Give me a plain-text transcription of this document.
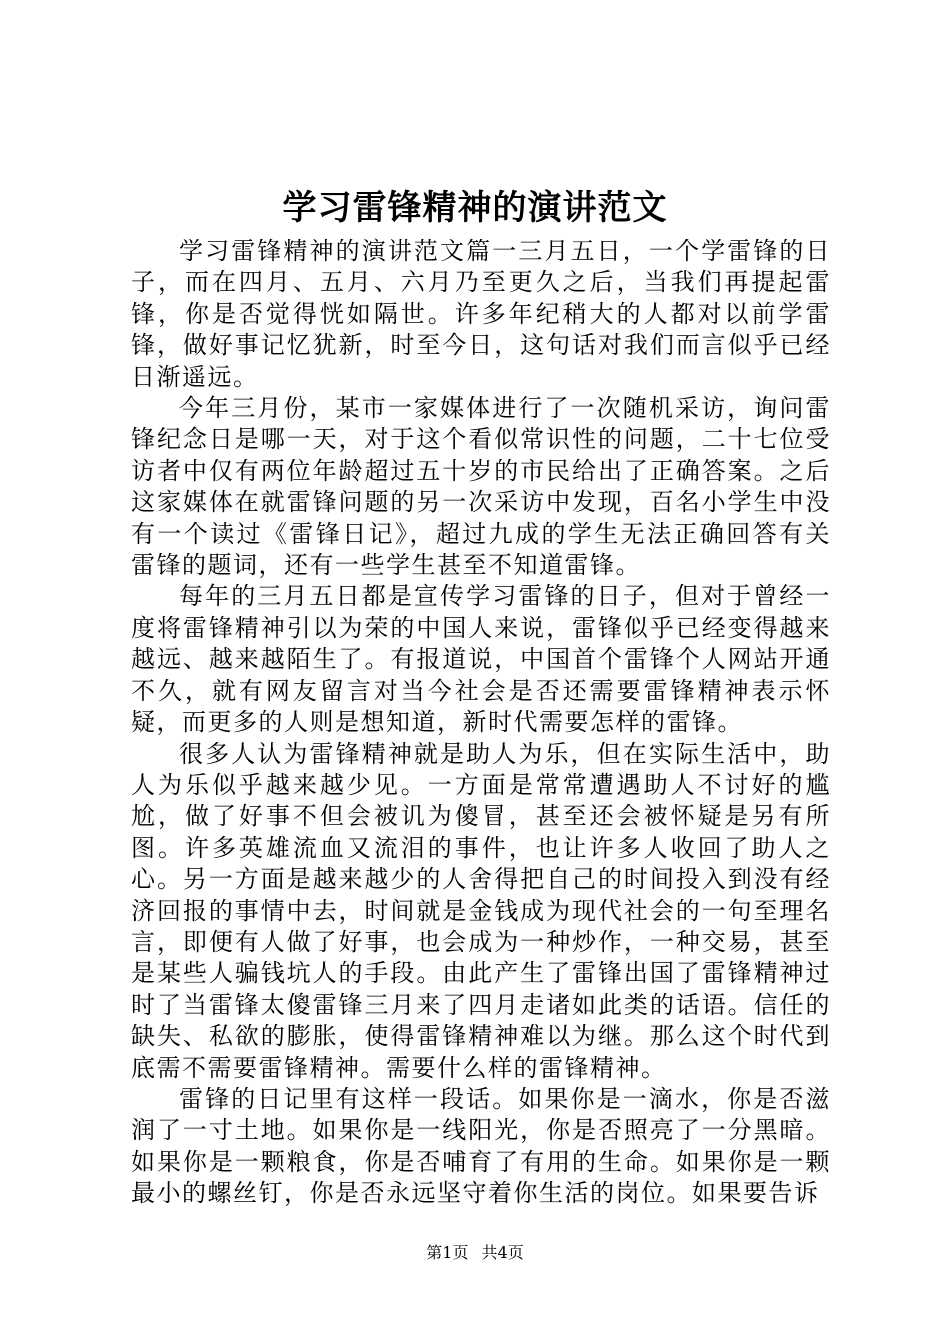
学习雷锋精神的演讲范文

学习雷锋精神的演讲范文篇一三月五日，一个学雷锋的日子，而在四月、五月、六月乃至更久之后，当我们再提起雷锋，你是否觉得恍如隔世。许多年纪稍大的人都对以前学雷锋，做好事记忆犹新，时至今日，这句话对我们而言似乎已经日渐遥远。

今年三月份，某市一家媒体进行了一次随机采访，询问雷锋纪念日是哪一天，对于这个看似常识性的问题，二十七位受访者中仅有两位年龄超过五十岁的市民给出了正确答案。之后这家媒体在就雷锋问题的另一次采访中发现，百名小学生中没有一个读过《雷锋日记》，超过九成的学生无法正确回答有关雷锋的题词，还有一些学生甚至不知道雷锋。

每年的三月五日都是宣传学习雷锋的日子，但对于曾经一度将雷锋精神引以为荣的中国人来说，雷锋似乎已经变得越来越远、越来越陌生了。有报道说，中国首个雷锋个人网站开通不久，就有网友留言对当今社会是否还需要雷锋精神表示怀疑，而更多的人则是想知道，新时代需要怎样的雷锋。

很多人认为雷锋精神就是助人为乐，但在实际生活中，助人为乐似乎越来越少见。一方面是常常遭遇助人不讨好的尴尬，做了好事不但会被讥为傻冒，甚至还会被怀疑是另有所图。许多英雄流血又流泪的事件，也让许多人收回了助人之心。另一方面是越来越少的人舍得把自己的时间投入到没有经济回报的事情中去，时间就是金钱成为现代社会的一句至理名言，即便有人做了好事，也会成为一种炒作，一种交易，甚至是某些人骗钱坑人的手段。由此产生了雷锋出国了雷锋精神过时了当雷锋太傻雷锋三月来了四月走诸如此类的话语。信任的缺失、私欲的膨胀，使得雷锋精神难以为继。那么这个时代到底需不需要雷锋精神。需要什么样的雷锋精神。

雷锋的日记里有这样一段话。如果你是一滴水，你是否滋润了一寸土地。如果你是一线阳光，你是否照亮了一分黑暗。如果你是一颗粮食，你是否哺育了有用的生命。如果你是一颗最小的螺丝钉，你是否永远坚守着你生活的岗位。如果要告诉

第1页 共4页
